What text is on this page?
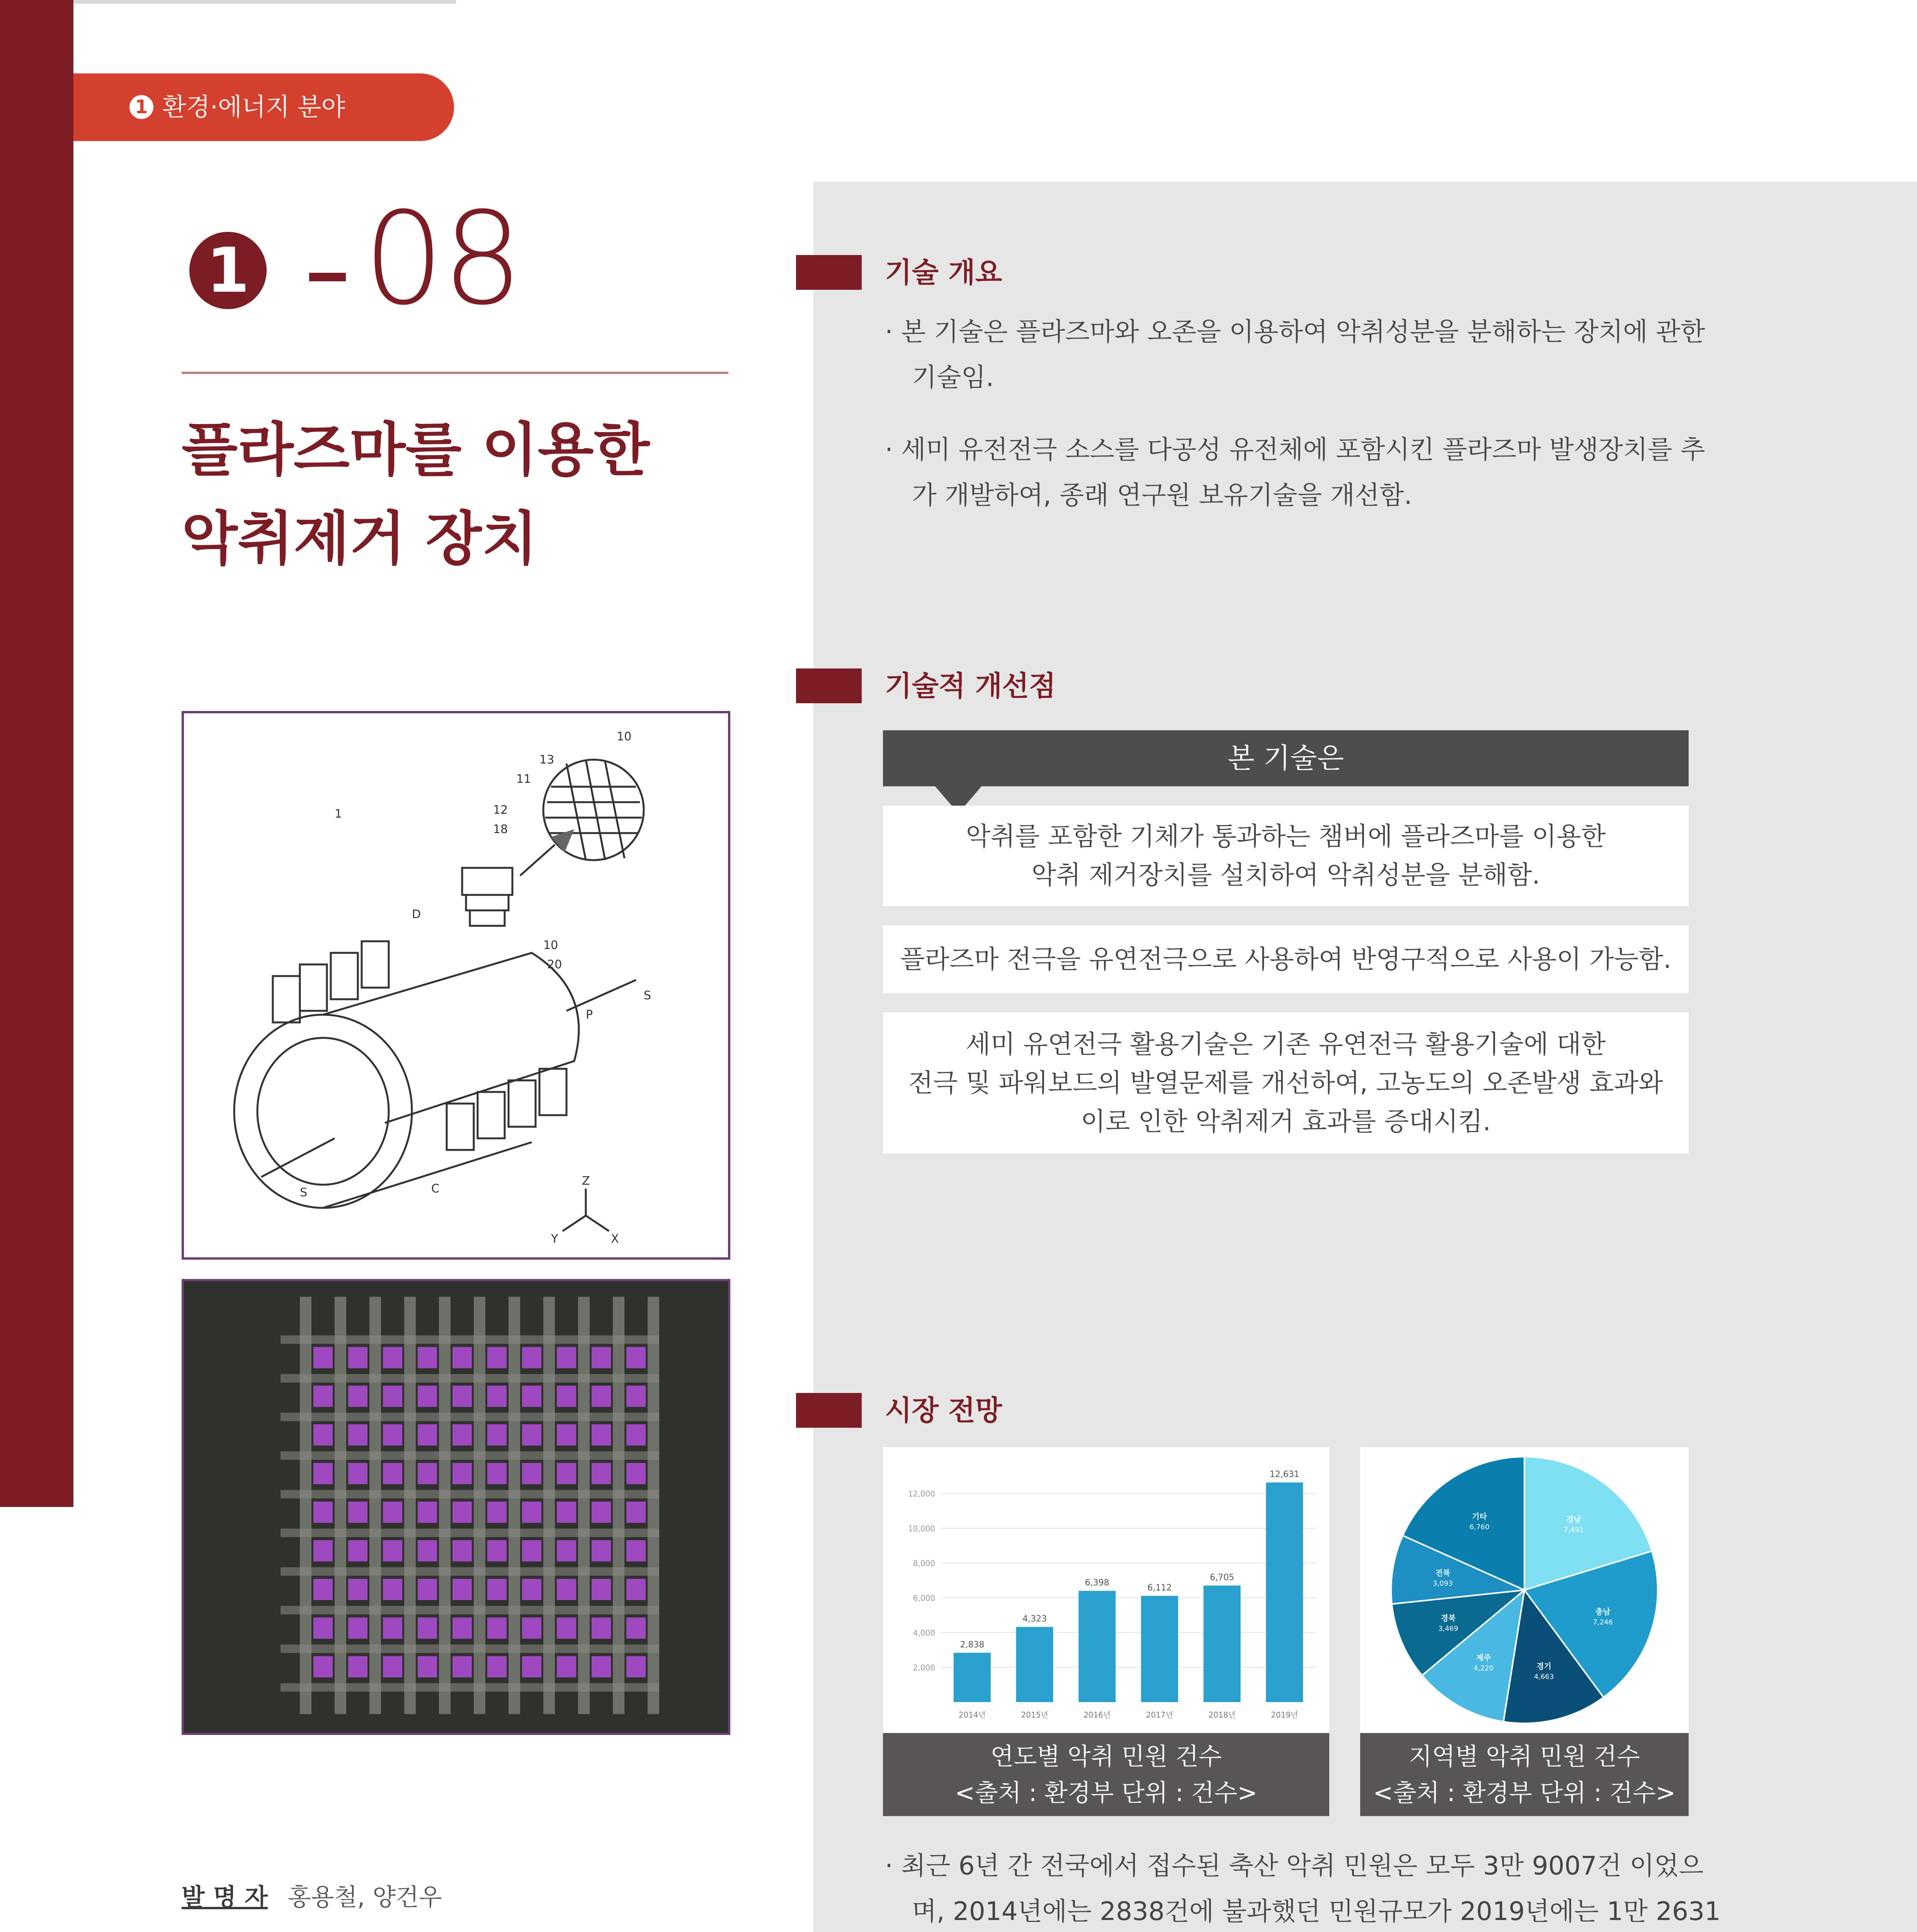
1 환경·에너지 분야
1 08
플라즈마를 이용한
악취제거 장치
10
13
11
12
18
1
D
10
20
S
P
S	C
Z
Y	X
발 명 자 홍용철, 양건우

기술 개요
· 본 기술은 플라즈마와 오존을 이용하여 악취성분을 분해하는 장치에 관한 기술임.
· 세미 유전전극 소스를 다공성 유전체에 포함시킨 플라즈마 발생장치를 추가 개발하여, 종래 연구원 보유기술을 개선함.
기술적 개선점
본 기술은
악취를 포함한 기체가 통과하는 챔버에 플라즈마를 이용한
악취 제거장치를 설치하여 악취성분을 분해함.
플라즈마 전극을 유연전극으로 사용하여 반영구적으로 사용이 가능함.
세미 유연전극 활용기술은 기존 유연전극 활용기술에 대한
전극 및 파워보드의 발열문제를 개선하여, 고농도의 오존발생 효과와
이로 인한 악취제거 효과를 증대시킴.
시장 전망
2,000
4,000
6,000
8,000
10,000
12,000
2,838
2014년
4,323
2015년
6,398
2016년
6,112
2017년
6,705
2018년
12,631
2019년
연도별 악취 민원 건수
<출처 : 환경부 단위 : 건수>
경남
7,491
충남
7,246
경기
4,663
제주
4,220
경북
3,469
전북
3,093
기타
6,760
지역별 악취 민원 건수
<출처 : 환경부 단위 : 건수>
· 최근 6년 간 전국에서 접수된 축산 악취 민원은 모두 3만 9007건 이었으며, 2014년에는 2838건에 불과했던 민원규모가 2019년에는 1만 2631
